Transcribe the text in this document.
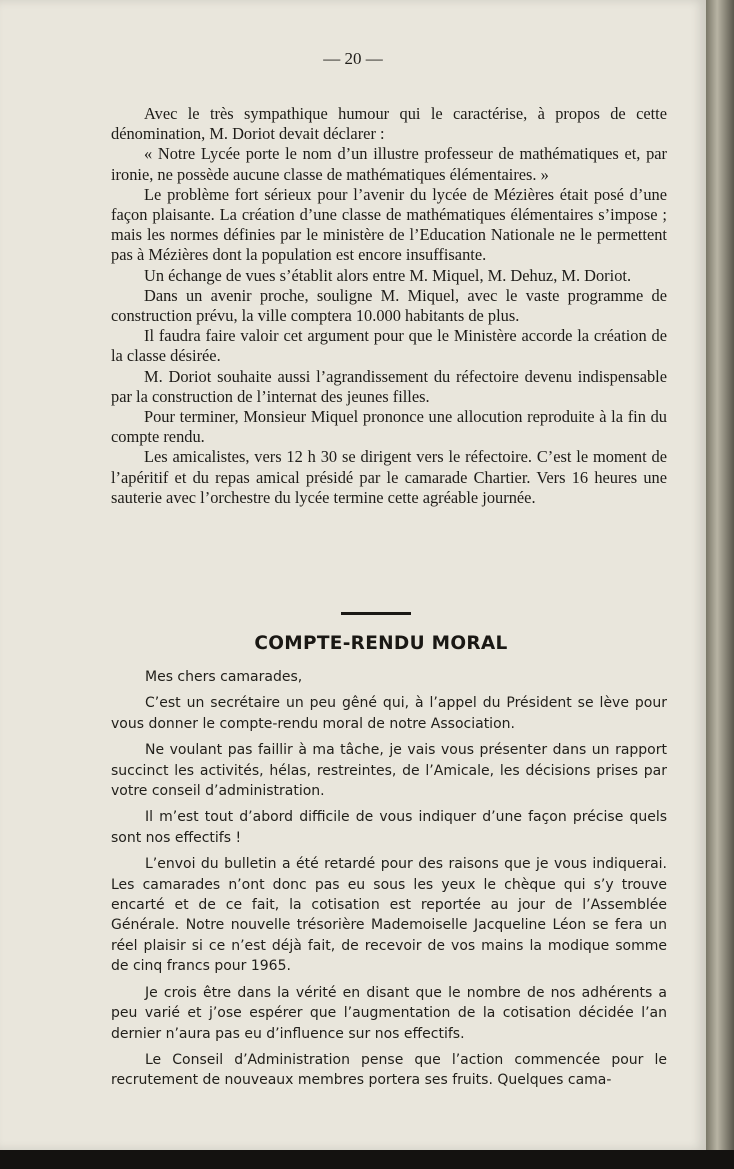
— 20 —

Avec le très sympathique humour qui le caractérise, à propos de cette dénomination, M. Doriot devait déclarer :

« Notre Lycée porte le nom d’un illustre professeur de mathématiques et, par ironie, ne possède aucune classe de mathématiques élémentaires. »

Le problème fort sérieux pour l’avenir du lycée de Mézières était posé d’une façon plaisante. La création d’une classe de mathématiques élémentaires s’impose ; mais les normes définies par le ministère de l’Education Nationale ne le permettent pas à Mézières dont la population est encore insuffisante.

Un échange de vues s’établit alors entre M. Miquel, M. Dehuz, M. Doriot.

Dans un avenir proche, souligne M. Miquel, avec le vaste programme de construction prévu, la ville comptera 10.000 habitants de plus.

Il faudra faire valoir cet argument pour que le Ministère accorde la création de la classe désirée.

M. Doriot souhaite aussi l’agrandissement du réfectoire devenu indispensable par la construction de l’internat des jeunes filles.

Pour terminer, Monsieur Miquel prononce une allocution reproduite à la fin du compte rendu.

Les amicalistes, vers 12 h 30 se dirigent vers le réfectoire. C’est le moment de l’apéritif et du repas amical présidé par le camarade Chartier. Vers 16 heures une sauterie avec l’orchestre du lycée termine cette agréable journée.

COMPTE-RENDU MORAL

Mes chers camarades,

C’est un secrétaire un peu gêné qui, à l’appel du Président se lève pour vous donner le compte-rendu moral de notre Association.

Ne voulant pas faillir à ma tâche, je vais vous présenter dans un rapport succinct les activités, hélas, restreintes, de l’Amicale, les décisions prises par votre conseil d’administration.

Il m’est tout d’abord difficile de vous indiquer d’une façon précise quels sont nos effectifs !

L’envoi du bulletin a été retardé pour des raisons que je vous indiquerai. Les camarades n’ont donc pas eu sous les yeux le chèque qui s’y trouve encarté et de ce fait, la cotisation est reportée au jour de l’Assemblée Générale. Notre nouvelle trésorière Mademoiselle Jacqueline Léon se fera un réel plaisir si ce n’est déjà fait, de recevoir de vos mains la modique somme de cinq francs pour 1965.

Je crois être dans la vérité en disant que le nombre de nos adhérents a peu varié et j’ose espérer que l’augmentation de la cotisation décidée l’an dernier n’aura pas eu d’influence sur nos effectifs.

Le Conseil d’Administration pense que l’action commencée pour le recrutement de nouveaux membres portera ses fruits. Quelques cama-
